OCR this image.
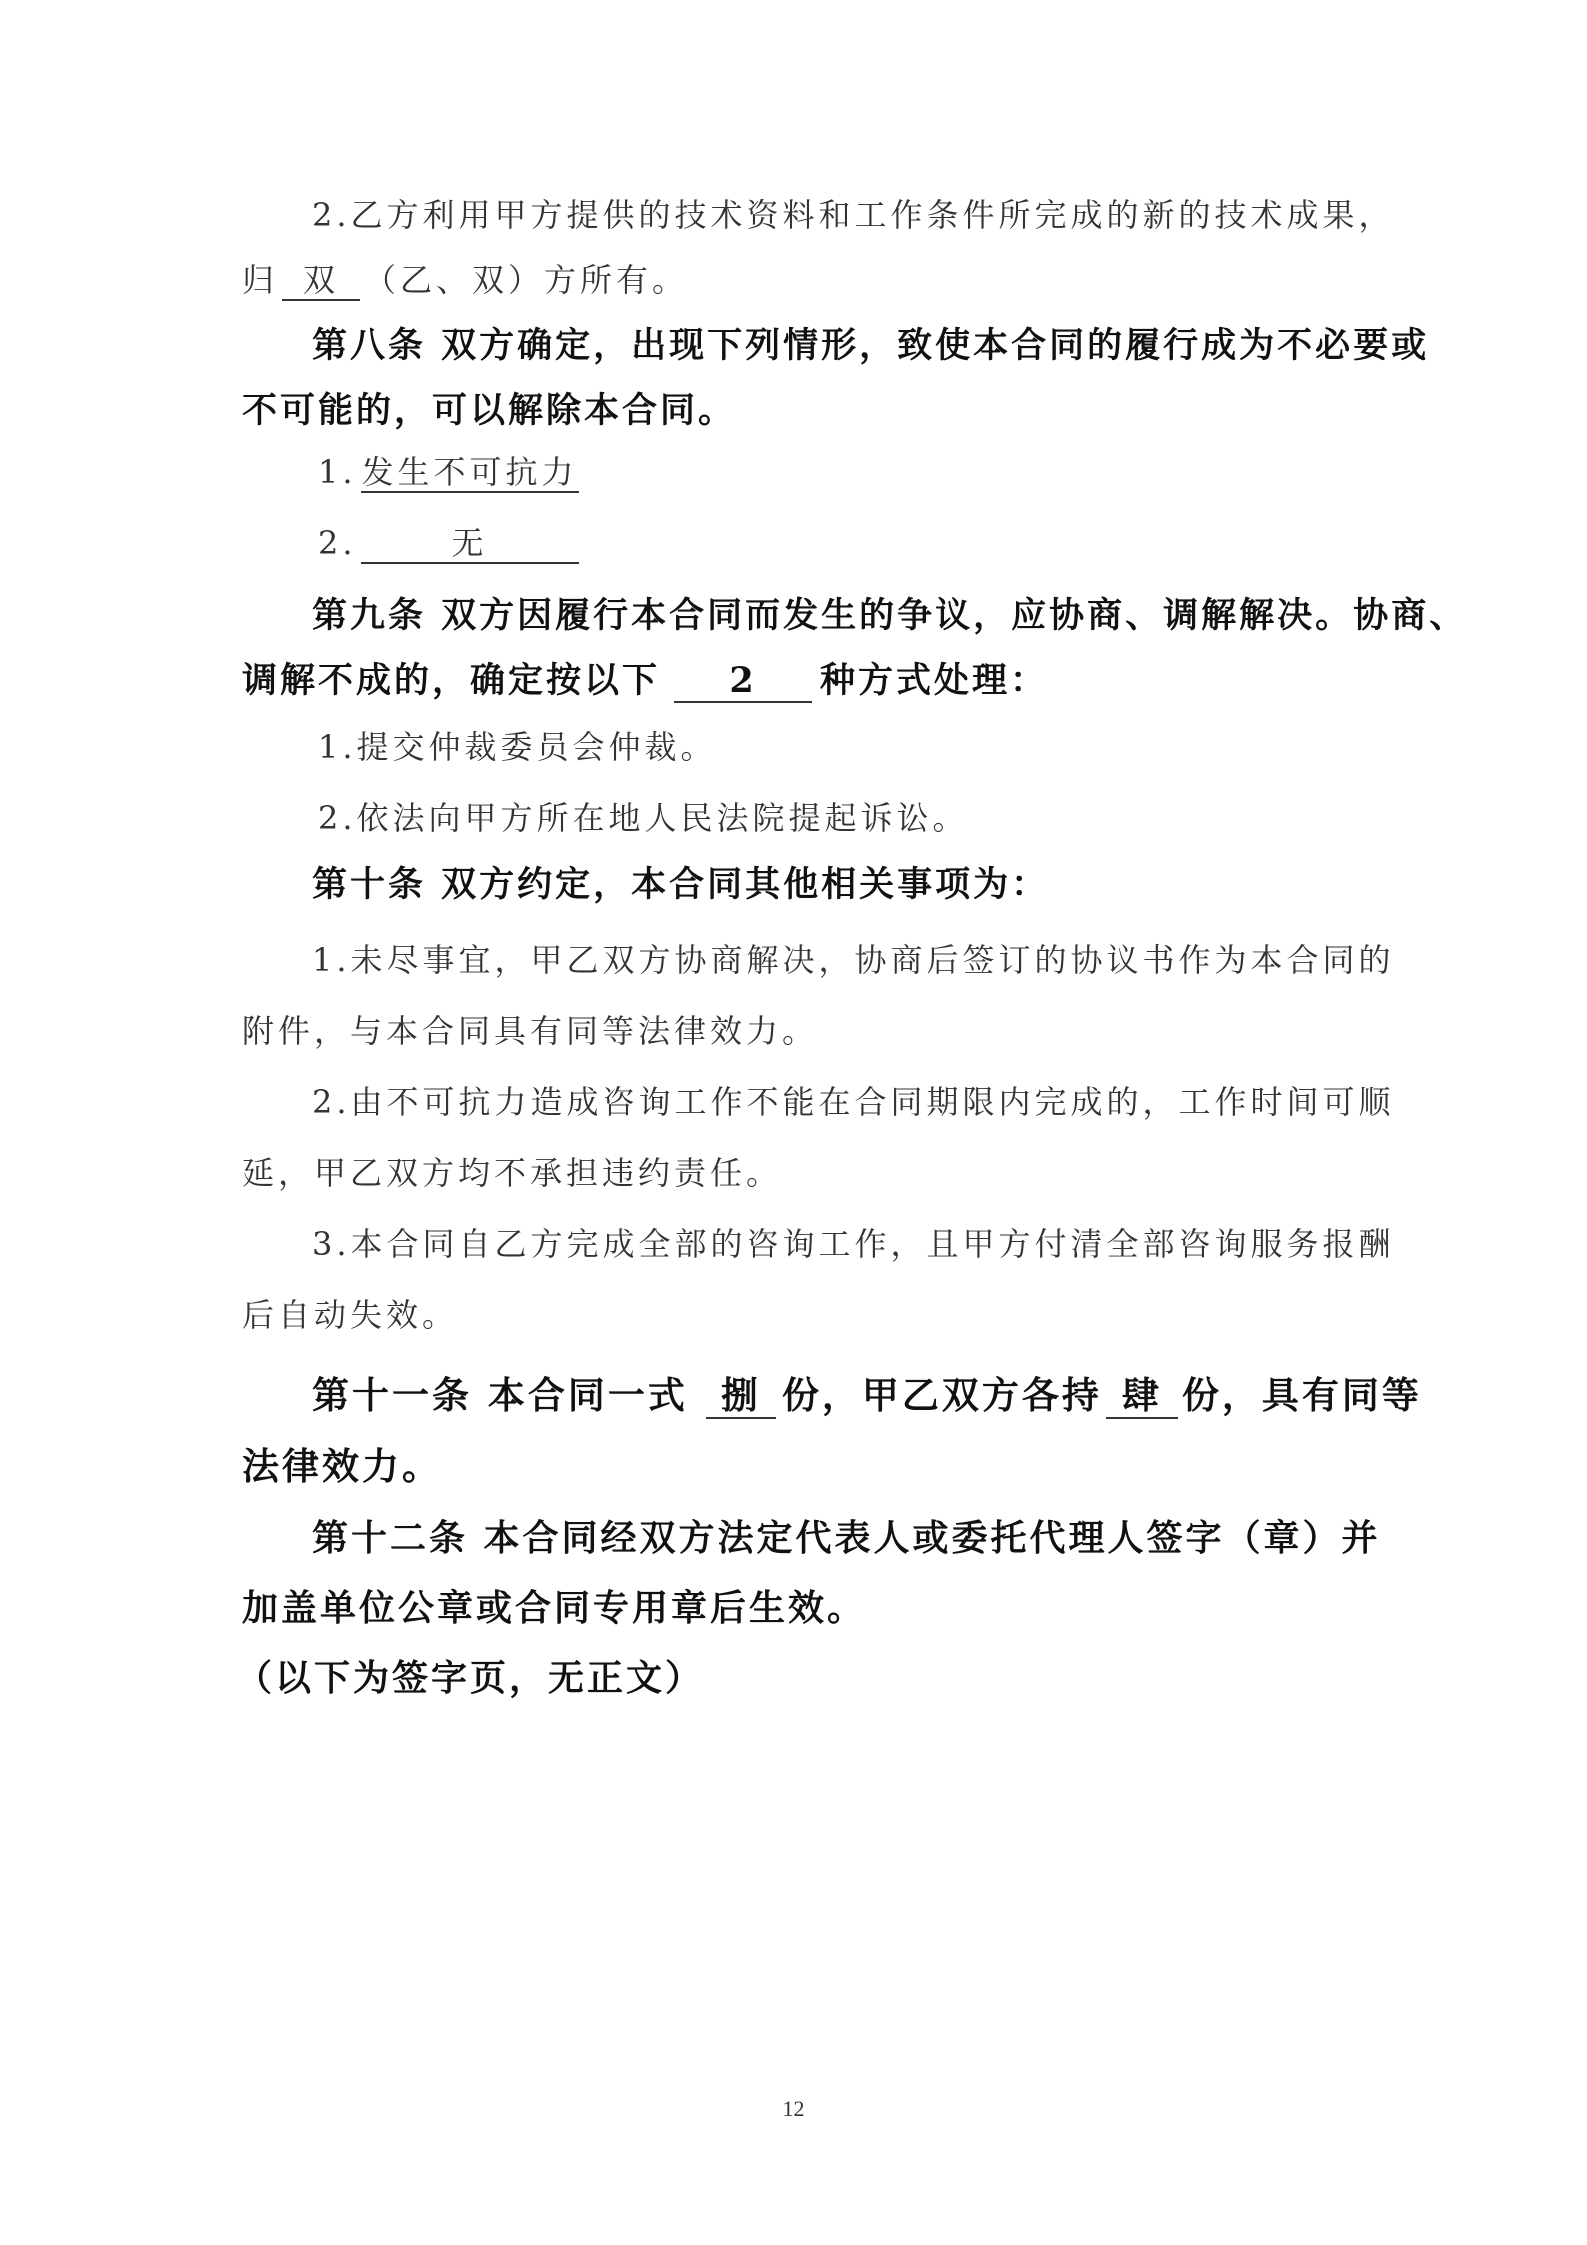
2.乙方利用甲方提供的技术资料和工作条件所完成的新的技术成果，
归 双 （乙、双）方所有。
第八条 双方确定，出现下列情形，致使本合同的履行成为不必要或
不可能的，可以解除本合同。
1. 发生不可抗力
2.	无
第九条 双方因履行本合同而发生的争议，应协商、调解解决。协商、
调解不成的，确定按以下 2 种方式处理：
1.提交仲裁委员会仲裁。
2.依法向甲方所在地人民法院提起诉讼。
第十条 双方约定，本合同其他相关事项为：
1.未尽事宜，甲乙双方协商解决，协商后签订的协议书作为本合同的
附件，与本合同具有同等法律效力。
2.由不可抗力造成咨询工作不能在合同期限内完成的，工作时间可顺
延，甲乙双方均不承担违约责任。
3.本合同自乙方完成全部的咨询工作，且甲方付清全部咨询服务报酬
后自动失效。
第十一条 本合同一式 捌 份，甲乙双方各持 肆 份，具有同等
法律效力。
第十二条 本合同经双方法定代表人或委托代理人签字（章）并
加盖单位公章或合同专用章后生效。
（以下为签字页，无正文）
12
